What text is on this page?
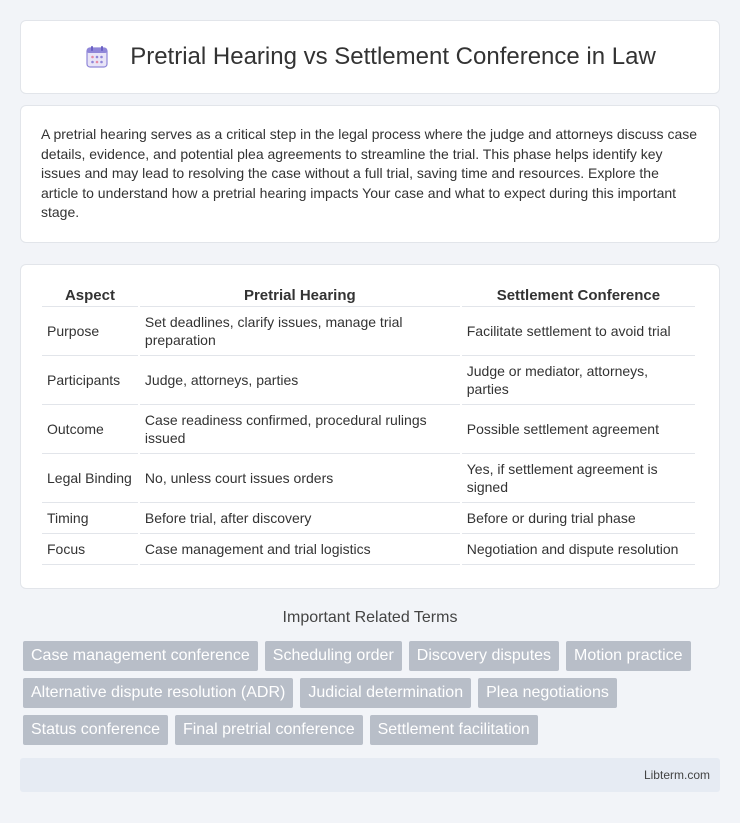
Pretrial Hearing vs Settlement Conference in Law

A pretrial hearing serves as a critical step in the legal process where the judge and attorneys discuss case details, evidence, and potential plea agreements to streamline the trial. This phase helps identify key issues and may lead to resolving the case without a full trial, saving time and resources. Explore the article to understand how a pretrial hearing impacts Your case and what to expect during this important stage.

Aspect	Pretrial Hearing	Settlement Conference
Purpose	Set deadlines, clarify issues, manage trial preparation	Facilitate settlement to avoid trial
Participants	Judge, attorneys, parties	Judge or mediator, attorneys, parties
Outcome	Case readiness confirmed, procedural rulings issued	Possible settlement agreement
Legal Binding	No, unless court issues orders	Yes, if settlement agreement is signed
Timing	Before trial, after discovery	Before or during trial phase
Focus	Case management and trial logistics	Negotiation and dispute resolution
Important Related Terms
Case management conference	Scheduling order	Discovery disputes	Motion practice
Alternative dispute resolution (ADR)	Judicial determination	Plea negotiations
Status conference	Final pretrial conference	Settlement facilitation
Libterm.com
